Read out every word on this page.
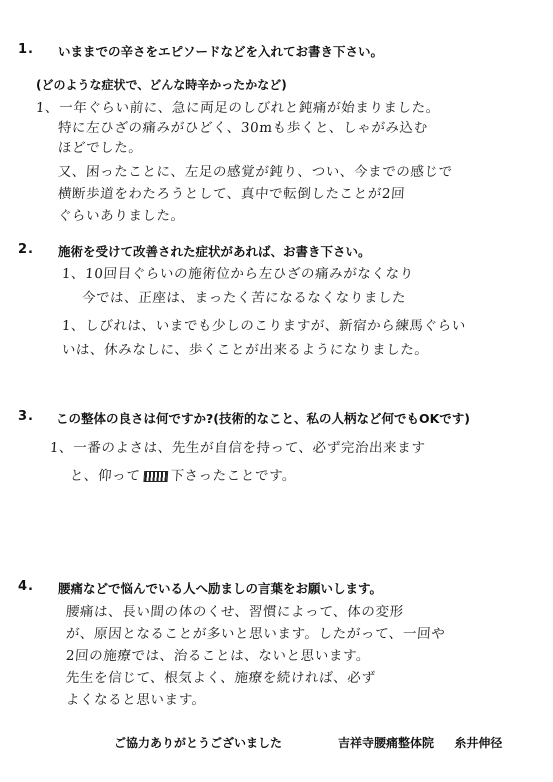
1. いままでの辛さをエピソードなどを入れてお書き下さい。
(どのような症状で、どんな時辛かったかなど)
1、一年ぐらい前に、急に両足のしびれと鈍痛が始まりました。
特に左ひざの痛みがひどく、30mも歩くと、しゃがみ込む
ほどでした。
又、困ったことに、左足の感覚が鈍り、つい、今までの感じで
横断歩道をわたろうとして、真中で転倒したことが2回
ぐらいありました。
2. 施術を受けて改善された症状があれば、お書き下さい。
1、10回目ぐらいの施術位から左ひざの痛みがなくなり
今では、正座は、まったく苦になるなくなりました
1、しびれは、いまでも少しのこりますが、新宿から練馬ぐらい
いは、休みなしに、歩くことが出来るようになりました。
3. この整体の良さは何ですか?(技術的なこと、私の人柄など何でもOKです)
1、一番のよさは、先生が自信を持って、必ず完治出来ます
と、仰って 下さったことです。
4. 腰痛などで悩んでいる人へ励ましの言葉をお願いします。
腰痛は、長い間の体のくせ、習慣によって、体の変形
が、原因となることが多いと思います。したがって、一回や
2回の施療では、治ることは、ないと思います。
先生を信じて、根気よく、施療を続ければ、必ず
よくなると思います。
ご協力ありがとうございました	吉祥寺腰痛整体院 糸井伸径
